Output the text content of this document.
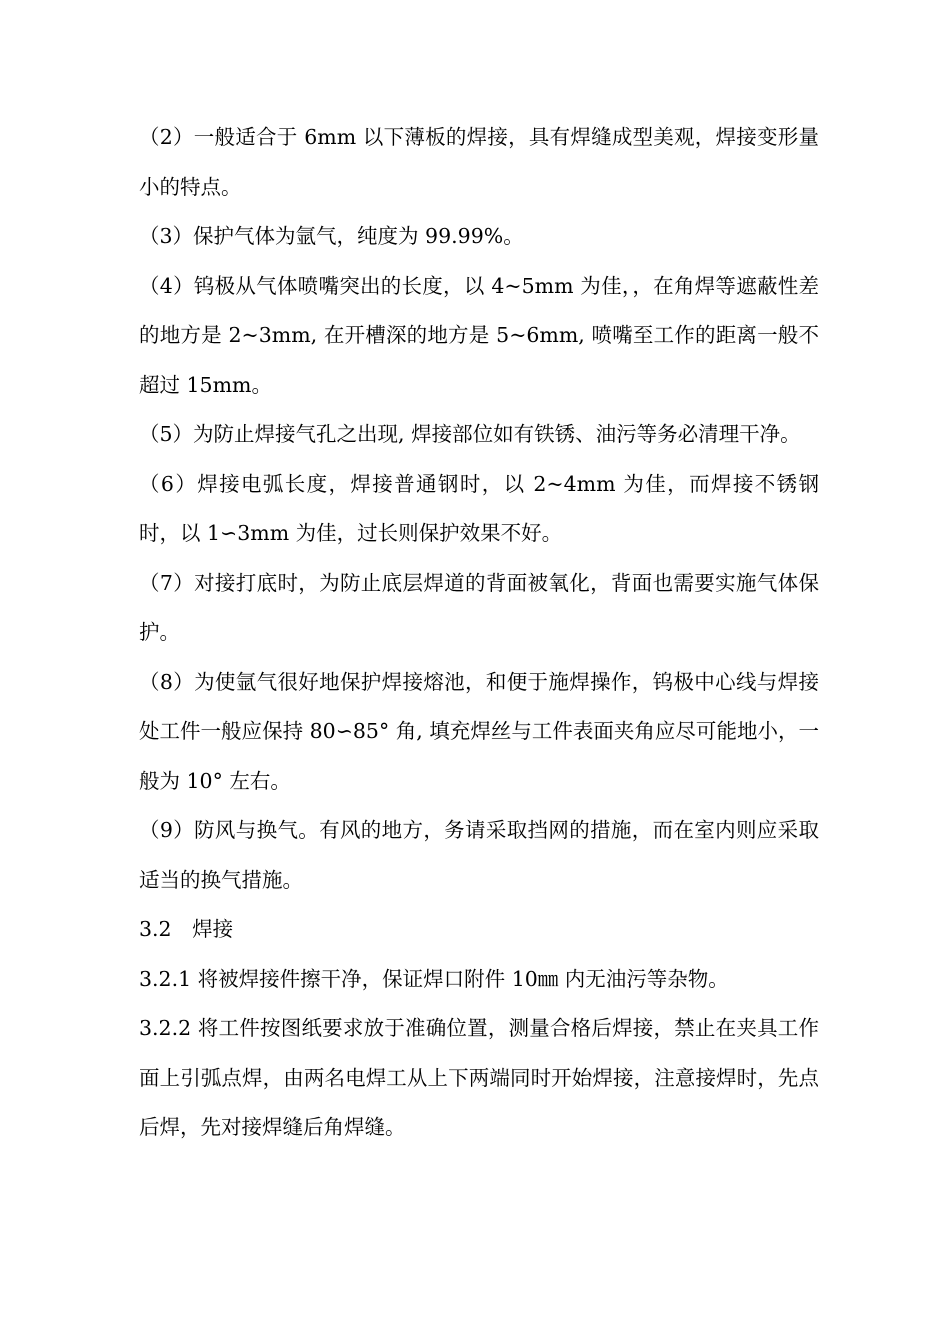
（2）一般适合于 6mm 以下薄板的焊接，具有焊缝成型美观，焊接变形量小的特点。

（3）保护气体为氩气，纯度为 99.99%。

（4）钨极从气体喷嘴突出的长度，以 4~5mm 为佳，，在角焊等遮蔽性差的地方是 2~3mm, 在开槽深的地方是 5~6mm, 喷嘴至工作的距离一般不超过 15mm。

（5）为防止焊接气孔之出现, 焊接部位如有铁锈、油污等务必清理干净。

（6）焊接电弧长度，焊接普通钢时，以 2~4mm 为佳，而焊接不锈钢时，以 1∽3mm 为佳，过长则保护效果不好。

（7）对接打底时，为防止底层焊道的背面被氧化，背面也需要实施气体保护。

（8）为使氩气很好地保护焊接熔池，和便于施焊操作，钨极中心线与焊接处工件一般应保持 80∽85° 角, 填充焊丝与工件表面夹角应尽可能地小，一般为 10° 左右。

（9）防风与换气。有风的地方，务请采取挡网的措施，而在室内则应采取适当的换气措施。

3.2　焊接

3.2.1 将被焊接件擦干净，保证焊口附件 10㎜ 内无油污等杂物。

3.2.2 将工件按图纸要求放于准确位置，测量合格后焊接，禁止在夹具工作面上引弧点焊，由两名电焊工从上下两端同时开始焊接，注意接焊时，先点后焊，先对接焊缝后角焊缝。
